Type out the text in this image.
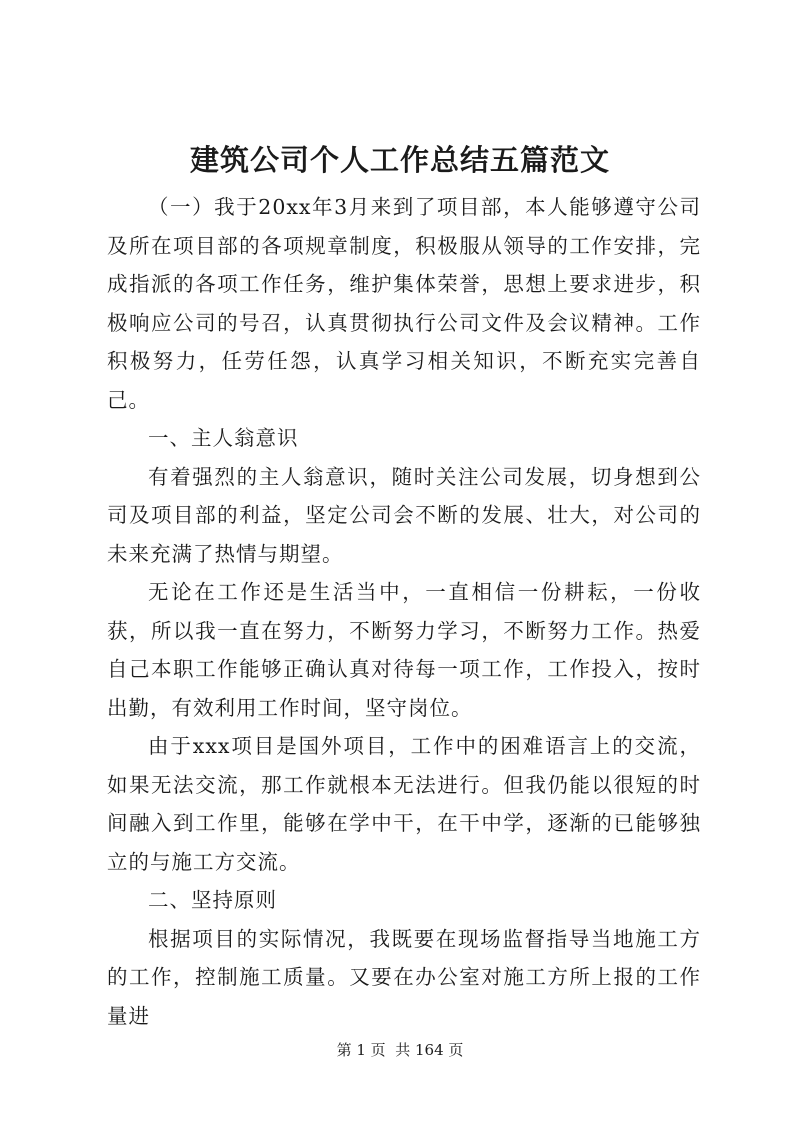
建筑公司个人工作总结五篇范文

（一）我于20xx年3月来到了项目部，本人能够遵守公司及所在项目部的各项规章制度，积极服从领导的工作安排，完成指派的各项工作任务，维护集体荣誉，思想上要求进步，积极响应公司的号召，认真贯彻执行公司文件及会议精神。工作积极努力，任劳任怨，认真学习相关知识，不断充实完善自己。

一、主人翁意识

有着强烈的主人翁意识，随时关注公司发展，切身想到公司及项目部的利益，坚定公司会不断的发展、壮大，对公司的未来充满了热情与期望。

无论在工作还是生活当中，一直相信一份耕耘，一份收获，所以我一直在努力，不断努力学习，不断努力工作。热爱自己本职工作能够正确认真对待每一项工作，工作投入，按时出勤，有效利用工作时间，坚守岗位。

由于xxx项目是国外项目，工作中的困难语言上的交流，如果无法交流，那工作就根本无法进行。但我仍能以很短的时间融入到工作里，能够在学中干，在干中学，逐渐的已能够独立的与施工方交流。

二、坚持原则

根据项目的实际情况，我既要在现场监督指导当地施工方的工作，控制施工质量。又要在办公室对施工方所上报的工作量进

第 1 页 共 164 页
